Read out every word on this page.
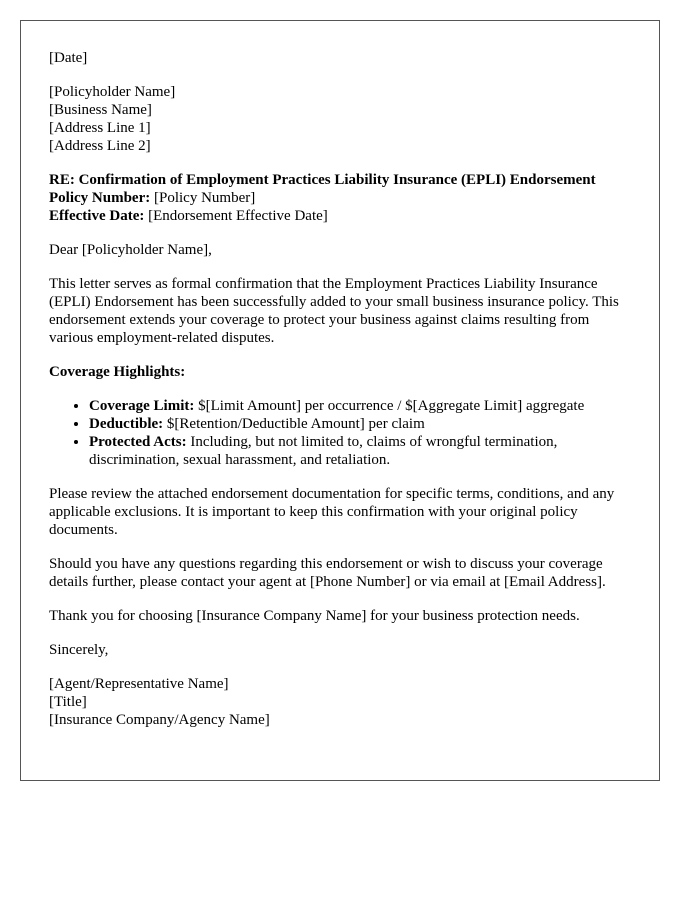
[Date]

[Policyholder Name]
[Business Name]
[Address Line 1]
[Address Line 2]
RE: Confirmation of Employment Practices Liability Insurance (EPLI) Endorsement
Policy Number: [Policy Number]
Effective Date: [Endorsement Effective Date]

Dear [Policyholder Name],

This letter serves as formal confirmation that the Employment Practices Liability Insurance (EPLI) Endorsement has been successfully added to your small business insurance policy. This endorsement extends your coverage to protect your business against claims resulting from various employment-related disputes.

Coverage Highlights:

• Coverage Limit: $[Limit Amount] per occurrence / $[Aggregate Limit] aggregate
• Deductible: $[Retention/Deductible Amount] per claim
• Protected Acts: Including, but not limited to, claims of wrongful termination, discrimination, sexual harassment, and retaliation.

Please review the attached endorsement documentation for specific terms, conditions, and any applicable exclusions. It is important to keep this confirmation with your original policy documents.

Should you have any questions regarding this endorsement or wish to discuss your coverage details further, please contact your agent at [Phone Number] or via email at [Email Address].

Thank you for choosing [Insurance Company Name] for your business protection needs.

Sincerely,

[Agent/Representative Name]
[Title]
[Insurance Company/Agency Name]
